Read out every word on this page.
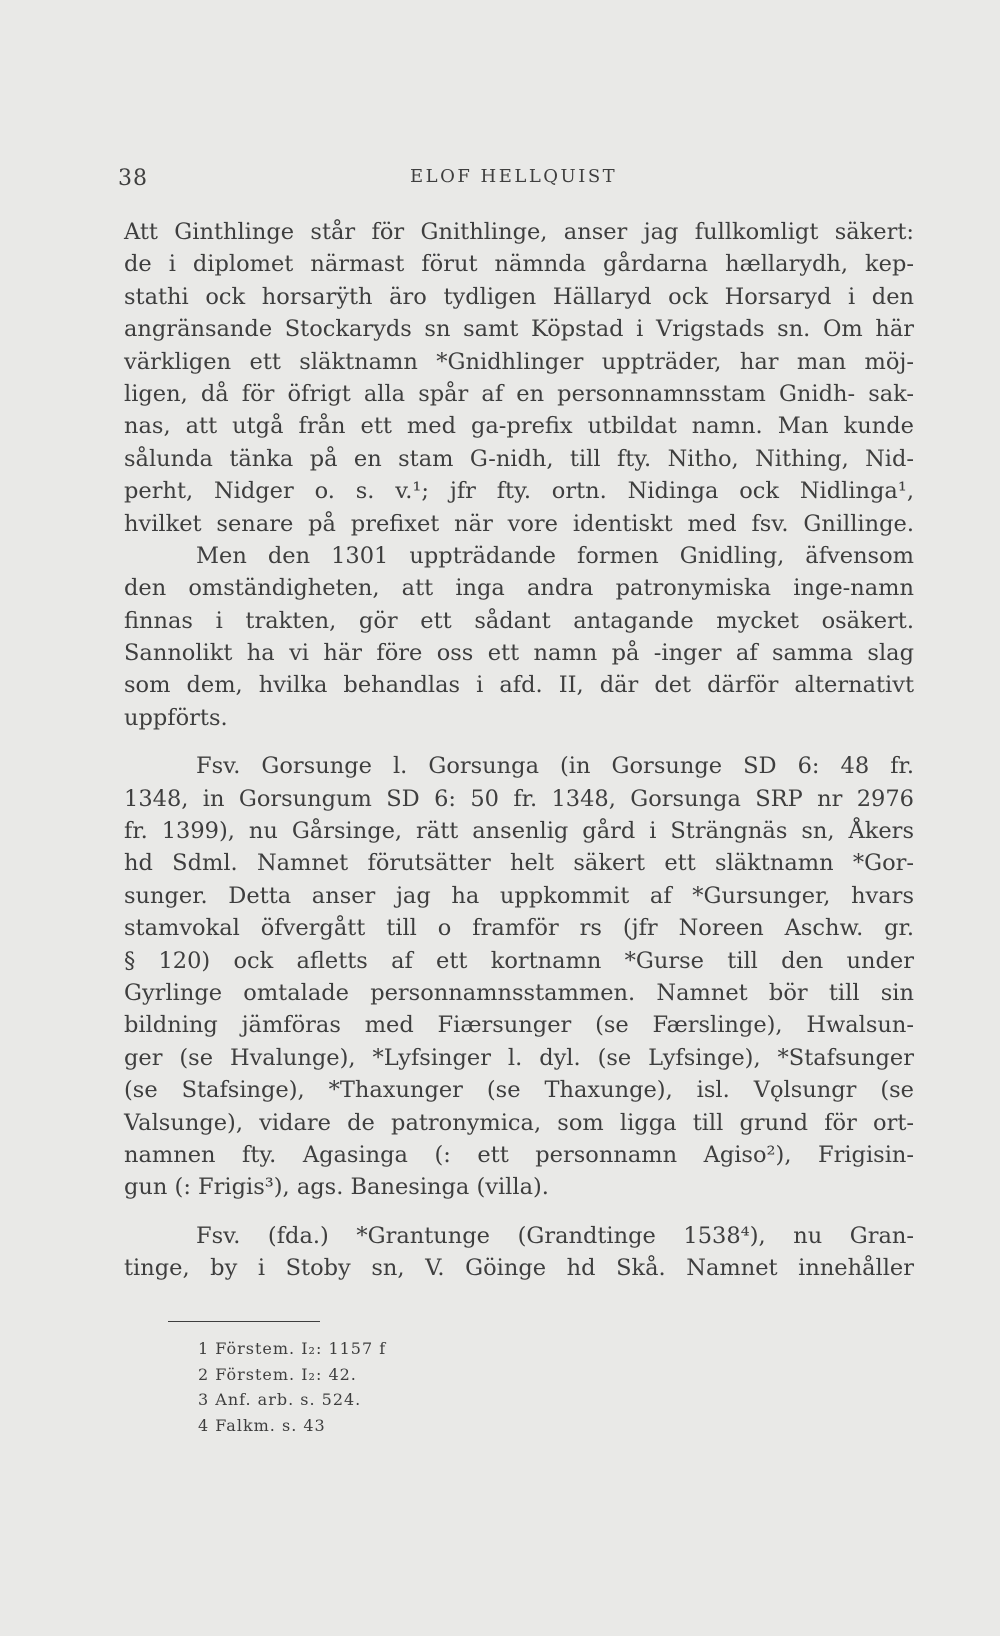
38	ELOF HELLQUIST
Att Ginthlinge står för Gnithlinge, anser jag fullkomligt säkert:
de i diplomet närmast förut nämnda gårdarna hællarydh, kep-
stathi ock horsarÿth äro tydligen Hällaryd ock Horsaryd i den
angränsande Stockaryds sn samt Köpstad i Vrigstads sn. Om här
värkligen ett släktnamn *Gnidhlinger uppträder, har man möj-
ligen, då för öfrigt alla spår af en personnamnsstam Gnidh- sak-
nas, att utgå från ett med ga-prefix utbildat namn. Man kunde
sålunda tänka på en stam G-nidh, till fty. Nitho, Nithing, Nid-
perht, Nidger o. s. v.¹; jfr fty. ortn. Nidinga ock Nidlinga¹,
hvilket senare på prefixet när vore identiskt med fsv. Gnillinge.
Men den 1301 uppträdande formen Gnidling, äfvensom
den omständigheten, att inga andra patronymiska inge-namn
finnas i trakten, gör ett sådant antagande mycket osäkert.
Sannolikt ha vi här före oss ett namn på -inger af samma slag
som dem, hvilka behandlas i afd. II, där det därför alternativt
uppförts.
Fsv. Gorsunge l. Gorsunga (in Gorsunge SD 6: 48 fr.
1348, in Gorsungum SD 6: 50 fr. 1348, Gorsunga SRP nr 2976
fr. 1399), nu Gårsinge, rätt ansenlig gård i Strängnäs sn, Åkers
hd Sdml. Namnet förutsätter helt säkert ett släktnamn *Gor-
sunger. Detta anser jag ha uppkommit af *Gursunger, hvars
stamvokal öfvergått till o framför rs (jfr Noreen Aschw. gr.
§ 120) ock afletts af ett kortnamn *Gurse till den under
Gyrlinge omtalade personnamnsstammen. Namnet bör till sin
bildning jämföras med Fiærsunger (se Færslinge), Hwalsun-
ger (se Hvalunge), *Lyfsinger l. dyl. (se Lyfsinge), *Stafsunger
(se Stafsinge), *Thaxunger (se Thaxunge), isl. Vǫlsungr (se
Valsunge), vidare de patronymica, som ligga till grund för ort-
namnen fty. Agasinga (: ett personnamn Agiso²), Frigisin-
gun (: Frigis³), ags. Banesinga (villa).
Fsv. (fda.) *Grantunge (Grandtinge 1538⁴), nu Gran-
tinge, by i Stoby sn, V. Göinge hd Skå. Namnet innehåller
1 Förstem. I₂: 1157 f
2 Förstem. I₂: 42.
3 Anf. arb. s. 524.
4 Falkm. s. 43
